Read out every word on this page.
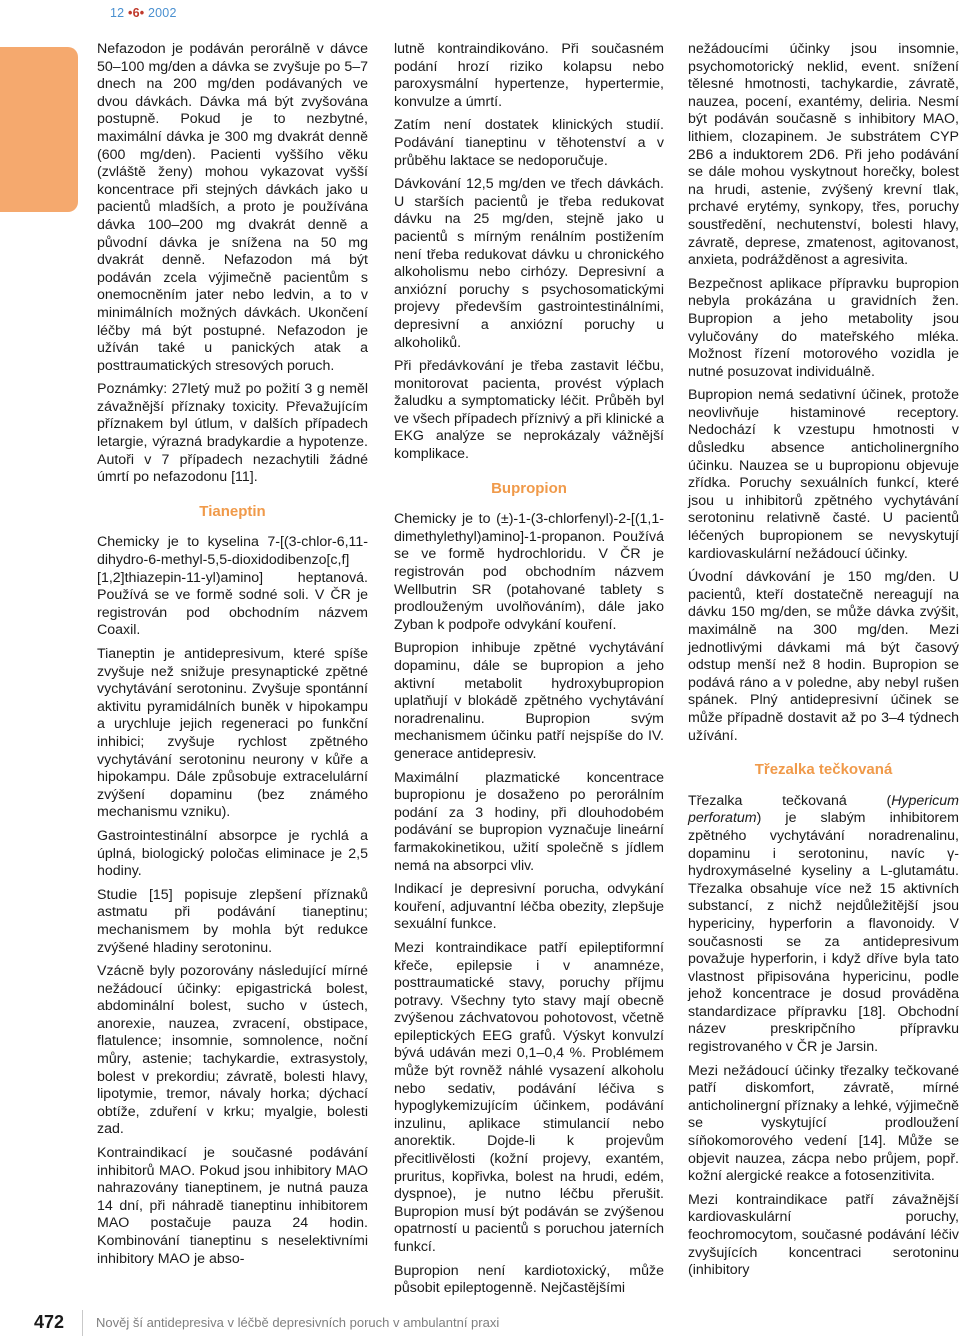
12 •6• 2002

Nefazodon je podáván perorálně v dávce 50–100 mg/den a dávka se zvyšuje po 5–7 dnech na 200 mg/den podávaných ve dvou dávkách. Dávka má být zvyšována postupně. Pokud je to nezbytné, maximální dávka je 300 mg dvakrát denně (600 mg/den). Pacienti vyššího věku (zvláště ženy) mohou vykazovat vyšší koncentrace při stejných dávkách jako u pacientů mladších, a proto je používána dávka 100–200 mg dvakrát denně a původní dávka je snížena na 50 mg dvakrát denně. Nefazodon má být podáván zcela výjimečně pacientům s onemocněním jater nebo ledvin, a to v minimálních možných dávkách. Ukončení léčby má být postupné. Nefazodon je užíván také u panických atak a posttraumatických stresových poruch.

Poznámky: 27letý muž po požití 3 g neměl závažnější příznaky toxicity. Převažujícím příznakem byl útlum, v dalších případech letargie, výrazná bradykardie a hypotenze. Autoři v 7 případech nezachytili žádné úmrtí po nefazodonu [11].

Tianeptin

Chemicky je to kyselina 7-[(3-chlor-6,11-dihydro-6-methyl-5,5-dioxidodibenzo[c,f][1,2]thiazepin-11-yl)amino] heptanová. Používá se ve formě sodné soli. V ČR je registrován pod obchodním názvem Coaxil.

Tianeptin je antidepresivum, které spíše zvyšuje než snižuje presynaptické zpětné vychytávání serotoninu. Zvyšuje spontánní aktivitu pyramidálních buněk v hipokampu a urychluje jejich regeneraci po funkční inhibici; zvyšuje rychlost zpětného vychytávání serotoninu neurony v kůře a hipokampu. Dále způsobuje extracelulární zvýšení dopaminu (bez známého mechanismu vzniku).

Gastrointestinální absorpce je rychlá a úplná, biologický poločas eliminace je 2,5 hodiny.

Studie [15] popisuje zlepšení příznaků astmatu při podávání tianeptinu; mechanismem by mohla být redukce zvýšené hladiny serotoninu.

Vzácně byly pozorovány následující mírné nežádoucí účinky: epigastrická bolest, abdominální bolest, sucho v ústech, anorexie, nauzea, zvracení, obstipace, flatulence; insomnie, somnolence, noční můry, astenie; tachykardie, extrasystoly, bolest v prekordiu; závratě, bolesti hlavy, lipotymie, tremor, návaly horka; dýchací obtíže, zduření v krku; myalgie, bolesti zad.

Kontraindikací je současné podávání inhibitorů MAO. Pokud jsou inhibitory MAO nahrazovány tianeptinem, je nutná pauza 14 dní, při náhradě tianeptinu inhibitorem MAO postačuje pauza 24 hodin. Kombinování tianeptinu s neselektivními inhibitory MAO je abso-

lutně kontraindikováno. Při současném podání hrozí riziko kolapsu nebo paroxysmální hypertenze, hypertermie, konvulze a úmrtí.

Zatím není dostatek klinických studií. Podávání tianeptinu v těhotenství a v průběhu laktace se nedoporučuje.

Dávkování 12,5 mg/den ve třech dávkách. U starších pacientů je třeba redukovat dávku na 25 mg/den, stejně jako u pacientů s mírným renálním postižením není třeba redukovat dávku u chronického alkoholismu nebo cirhózy. Depresivní a anxiózní poruchy s psychosomatickými projevy především gastrointestinálními, depresivní a anxiózní poruchy u alkoholiků.

Při předávkování je třeba zastavit léčbu, monitorovat pacienta, provést výplach žaludku a symptomaticky léčit. Průběh byl ve všech případech příznivý a při klinické a EKG analýze se neprokázaly vážnější komplikace.

Bupropion

Chemicky je to (±)-1-(3-chlorfenyl)-2-[(1,1-dimethylethyl)amino]-1-propanon. Používá se ve formě hydrochloridu. V ČR je registrován pod obchodním názvem Wellbutrin SR (potahované tablety s prodlouženým uvolňováním), dále jako Zyban k podpoře odvykání kouření.

Bupropion inhibuje zpětné vychytávání dopaminu, dále se bupropion a jeho aktivní metabolit hydroxybupropion uplatňují v blokádě zpětného vychytávání noradrenalinu. Bupropion svým mechanismem účinku patří nejspíše do IV. generace antidepresiv.

Maximální plazmatické koncentrace bupropionu je dosaženo po perorálním podání za 3 hodiny, při dlouhodobém podávání se bupropion vyznačuje lineární farmakokinetikou, užití společně s jídlem nemá na absorpci vliv.

Indikací je depresivní porucha, odvykání kouření, adjuvantní léčba obezity, zlepšuje sexuální funkce.

Mezi kontraindikace patří epileptiformní křeče, epilepsie i v anamnéze, posttraumatické stavy, poruchy příjmu potravy. Všechny tyto stavy mají obecně zvýšenou záchvatovou pohotovost, včetně epileptických EEG grafů. Výskyt konvulzí bývá udáván mezi 0,1–0,4 %. Problémem může být rovněž náhlé vysazení alkoholu nebo sedativ, podávání léčiva s hypoglykemizujícím účinkem, podávání inzulinu, aplikace stimulancií nebo anorektik. Dojde-li k projevům přecitlivělosti (kožní projevy, exantém, pruritus, kopřivka, bolest na hrudi, edém, dyspnoe), je nutno léčbu přerušit. Bupropion musí být podáván se zvýšenou opatrností u pacientů s poruchou jaterních funkcí.

Bupropion není kardiotoxický, může působit epileptogenně. Nejčastějšími

nežádoucími účinky jsou insomnie, psychomotorický neklid, event. snížení tělesné hmotnosti, tachykardie, závratě, nauzea, pocení, exantémy, deliria. Nesmí být podáván současně s inhibitory MAO, lithiem, clozapinem. Je substrátem CYP 2B6 a induktorem 2D6. Při jeho podávání se dále mohou vyskytnout horečky, bolest na hrudi, astenie, zvýšený krevní tlak, prchavé erytémy, synkopy, třes, poruchy soustředění, nechutenství, bolesti hlavy, závratě, deprese, zmatenost, agitovanost, anxieta, podrážděnost a agresivita.

Bezpečnost aplikace přípravku bupropion nebyla prokázána u gravidních žen. Bupropion a jeho metabolity jsou vylučovány do mateřského mléka. Možnost řízení motorového vozidla je nutné posuzovat individuálně.

Bupropion nemá sedativní účinek, protože neovlivňuje histaminové receptory. Nedochází k vzestupu hmotnosti v důsledku absence anticholinergního účinku. Nauzea se u bupropionu objevuje zřídka. Poruchy sexuálních funkcí, které jsou u inhibitorů zpětného vychytávání serotoninu relativně časté. U pacientů léčených bupropionem se nevyskytují kardiovaskulární nežádoucí účinky.

Úvodní dávkování je 150 mg/den. U pacientů, kteří dostatečně nereagují na dávku 150 mg/den, se může dávka zvýšit, maximálně na 300 mg/den. Mezi jednotlivými dávkami má být časový odstup menší než 8 hodin. Bupropion se podává ráno a v poledne, aby nebyl rušen spánek. Plný antidepresivní účinek se může případně dostavit až po 3–4 týdnech užívání.

Třezalka tečkovaná

Třezalka tečkovaná (Hypericum perforatum) je slabým inhibitorem zpětného vychytávání noradrenalinu, dopaminu i serotoninu, navíc γ-hydroxymáselné kyseliny a L-glutamátu. Třezalka obsahuje více než 15 aktivních substancí, z nichž nejdůležitější jsou hypericiny, hyperforin a flavonoidy. V současnosti se za antidepresivum považuje hyperforin, i když dříve byla tato vlastnost připisována hypericinu, podle jehož koncentrace je dosud prováděna standardizace přípravku [18]. Obchodní název preskripčního přípravku registrovaného v ČR je Jarsin.

Mezi nežádoucí účinky třezalky tečkované patří diskomfort, závratě, mírné anticholinergní příznaky a lehké, výjimečně se vyskytující prodloužení síňokomorového vedení [14]. Může se objevit nauzea, zácpa nebo průjem, popř. kožní alergické reakce a fotosenzitivita.

Mezi kontraindikace patří závažnější kardiovaskulární poruchy, feochromocytom, současné podávání léčiv zvyšujících koncentraci serotoninu (inhibitory

472 Nověj ší antidepresiva v léčbě depresivních poruch v ambulantní praxi
